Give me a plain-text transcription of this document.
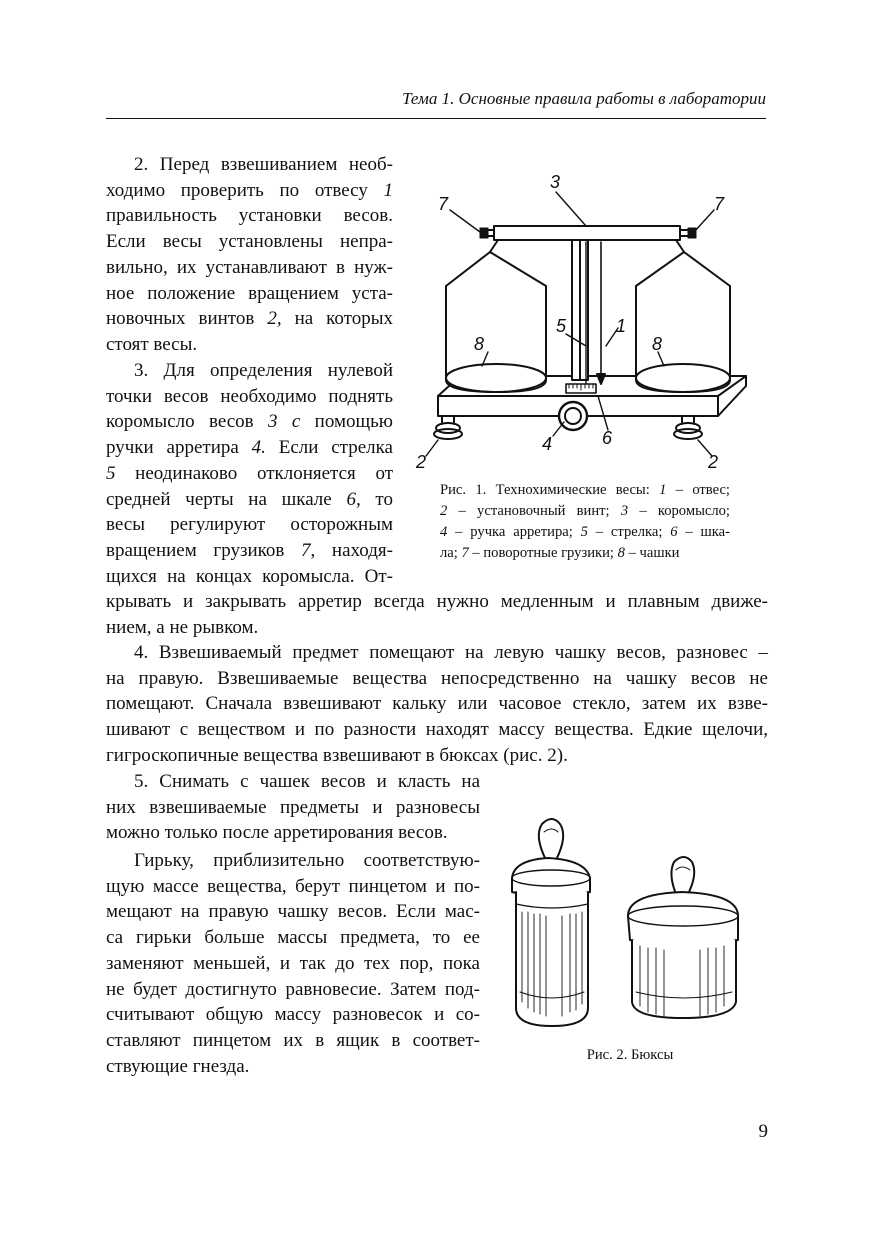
Тема 1. Основные правила работы в лаборатории
2. Перед взвешиванием необ-
ходимо проверить по отвесу 1
правильность установки весов.
Если весы установлены непра-
вильно, их устанавливают в нуж-
ное положение вращением уста-
новочных винтов 2, на которых
стоят весы.
3. Для определения нулевой
точки весов необходимо поднять
коромысло весов 3 с помощью
ручки арретира 4. Если стрелка
5 неодинаково отклоняется от
средней черты на шкале 6, то
весы регулируют осторожным
вращением грузиков 7, находя-
щихся на концах коромысла. От-
крывать и закрывать арретир всегда нужно медленным и плавным движе-
нием, а не рывком.
4. Взвешиваемый предмет помещают на левую чашку весов, разновес –
на правую. Взвешиваемые вещества непосредственно на чашку весов не
помещают. Сначала взвешивают кальку или часовое стекло, затем их взве-
шивают с веществом и по разности находят массу вещества. Едкие щелочи,
гигроскопичные вещества взвешивают в бюксах (рис. 2).
5. Снимать с чашек весов и класть на
них взвешиваемые предметы и разновесы
можно только после арретирования весов.
Гирьку, приблизительно соответствую-
щую массе вещества, берут пинцетом и по-
мещают на правую чашку весов. Если мас-
са гирьки больше массы предмета, то ее
заменяют меньшей, и так до тех пор, пока
не будет достигнуто равновесие. Затем под-
считывают общую массу разновесок и со-
ставляют пинцетом их в ящик в соответ-
ствующие гнезда.
3
7	7
5	1
8	8
4	6
2	2
Рис. 1. Технохимические весы: 1 – отвес;
2 – установочный винт; 3 – коромысло;
4 – ручка арретира; 5 – стрелка; 6 – шка-
ла; 7 – поворотные грузики; 8 – чашки
Рис. 2. Бюксы
9
